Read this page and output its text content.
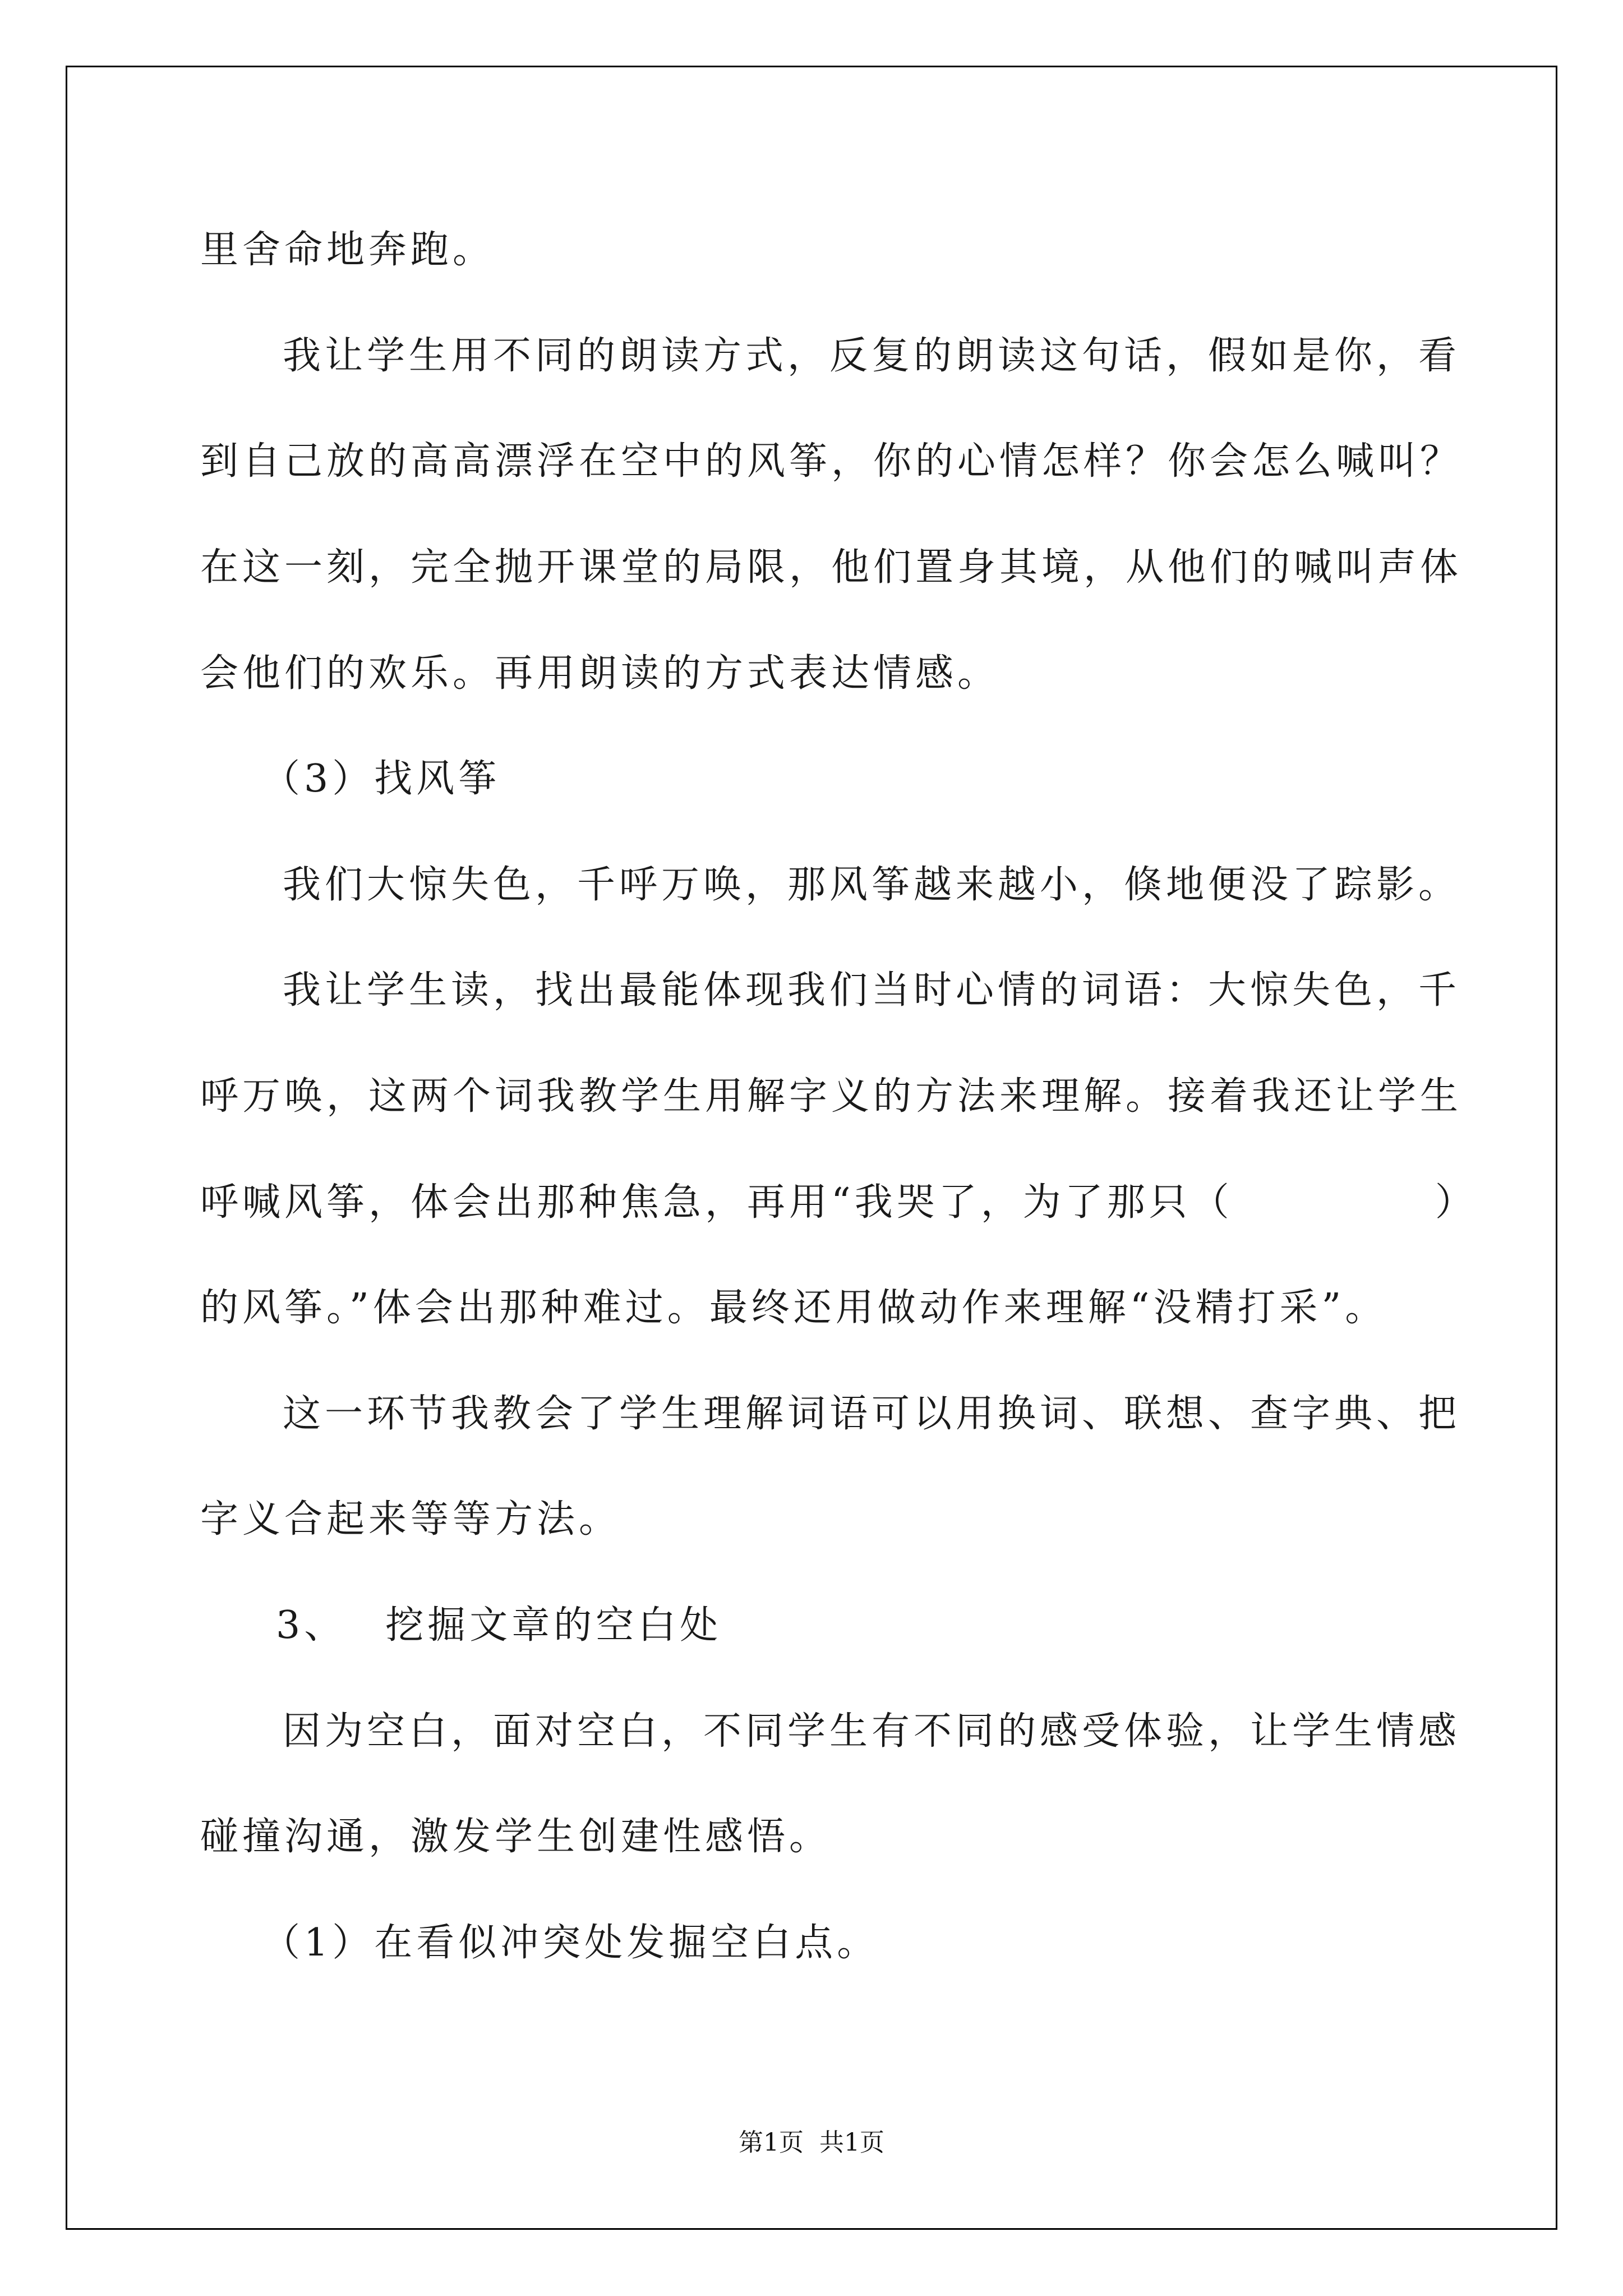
里舍命地奔跑。
我让学生用不同的朗读方式，反复的朗读这句话，假如是你，看
到自己放的高高漂浮在空中的风筝，你的心情怎样？你会怎么喊叫？
在这一刻，完全抛开课堂的局限，他们置身其境，从他们的喊叫声体
会他们的欢乐。再用朗读的方式表达情感。
（3）找风筝
我们大惊失色，千呼万唤，那风筝越来越小，倏地便没了踪影。
我让学生读，找出最能体现我们当时心情的词语：大惊失色，千
呼万唤，这两个词我教学生用解字义的方法来理解。接着我还让学生
呼喊风筝，体会出那种焦急，再用“我哭了，为了那只（	）
的风筝。”体会出那种难过。最终还用做动作来理解“没精打采”。
这一环节我教会了学生理解词语可以用换词、联想、查字典、把
字义合起来等等方法。
3、 挖掘文章的空白处
因为空白，面对空白，不同学生有不同的感受体验，让学生情感
碰撞沟通，激发学生创建性感悟。
（1）在看似冲突处发掘空白点。
第1页 共1页
